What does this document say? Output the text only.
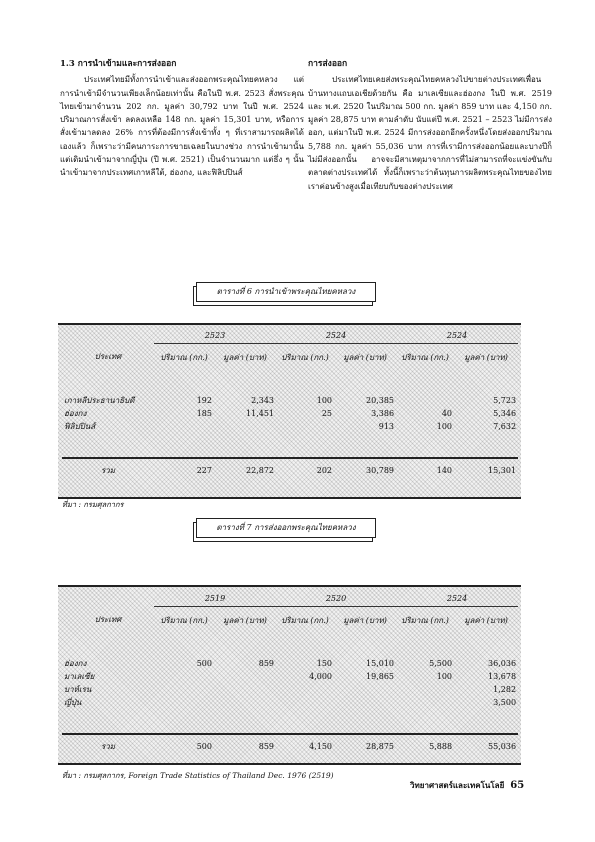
1.3 การนำเข้ามและการส่งออก

ประเทศไทยมีทั้งการนำเข้าและส่งออกพระคุณไทยคหลวง แต่การนำเข้ามีจำนวนเพียงเล็กน้อยเท่านั้น คือในปี พ.ศ. 2523 สั่งพระคุณไทยเข้ามาจำนวน 202 กก. มูลค่า 30,792 บาท ในปี พ.ศ. 2524 ปริมาณการสั่งเข้า ลดลงเหลือ 148 กก. มูลค่า 15,301 บาท, หรือการสั่งเข้ามาลดลง 26% การที่ต้องมีการสั่งเข้าทั้ง ๆ ที่เราสามารถผลิตได้เองแล้ว ก็เพราะว่ามีคนการะการขายเฉลยในบางช่วง การนำเข้ามานั้นแต่เดิมนำเข้ามาจากญี่ปุ่น (ปี พ.ศ. 2521) เป็นจำนวนมาก แต่ธึ่ง ๆ นั้นนำเข้ามาจากประเทศเกาหลีใต้, ฮ่องกง, และฟิลิปปินส์

การส่งออก

ประเทศไทยเคยส่งพระคุณไทยคหลวงไปขายต่างประเทศเพื่อนบ้านทางแถบเอเชียด้วยกัน คือ มาเลเซียและฮ่องกง ในปี พ.ศ. 2519 และ พ.ศ. 2520 ในปริมาณ 500 กก. มูลค่า 859 บาท และ 4,150 กก. มูลค่า 28,875 บาท ตามลำดับ นับแต่ปี พ.ศ. 2521 – 2523 ไม่มีการส่งออก, แต่มาในปี พ.ศ. 2524 มีการส่งออกอีกครั้งหนึ่งโดยส่งออกปริมาณ 5,788 กก. มูลค่า 55,036 บาท การที่เรามีการส่งออกน้อยและบางปีก็ไม่มีส่งออกนั้น อาจจะมีสาเหตุมาจากการที่ไม่สามารถที่จะแข่งขันกับตลาดต่างประเทศได้ ทั้งนี้ก็เพราะว่าต้นทุนการผลิตพระคุณไทยของไทยเราค่อนข้างสูงเมื่อเทียบกับของต่างประเทศ

ตารางที่ 6 การนำเข้าพระคุณไทยคหลวง
	2523		2524		2524	
ประเทศ	ปริมาณ (กก.)	มูลค่า (บาท)	ปริมาณ (กก.)	มูลค่า (บาท)	ปริมาณ (กก.)	มูลค่า (บาท)

เกาหลีประธานาธิบดี	192	2,343	100	20,385		5,723
ฮ่องกง	185	11,451	25	3,386	40	5,346
ฟิลิปปินส์				913	100	7,632

รวม	227	22,872	202	30,789	140	15,301
ที่มา : กรมศุลกากร
ตารางที่ 7 การส่งออกพระคุณไทยคหลวง
	2519		2520		2524	
ประเทศ	ปริมาณ (กก.)	มูลค่า (บาท)	ปริมาณ (กก.)	มูลค่า (บาท)	ปริมาณ (กก.)	มูลค่า (บาท)

ฮ่องกง	500	859	150	15,010	5,500	36,036
มาเลเซีย			4,000	19,865	100	13,678
บาห์เรน						1,282
ญี่ปุ่น						3,500

รวม	500	859	4,150	28,875	5,888	55,036
ที่มา : กรมศุลกากร, Foreign Trade Statistics of Thailand Dec. 1976 (2519)
วิทยาศาสตร์และเทคโนโลยี 65
